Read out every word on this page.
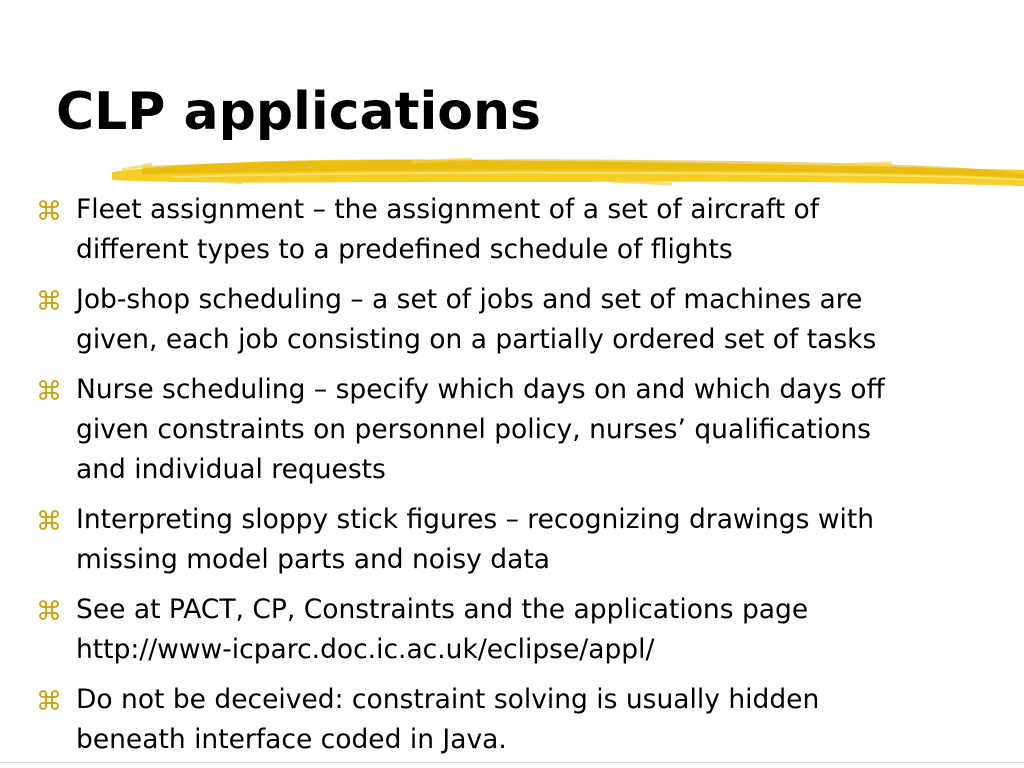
CLP applications
Fleet assignment – the assignment of a set of aircraft of
different types to a predefined schedule of flights
Job-shop scheduling – a set of jobs and set of machines are
given, each job consisting on a partially ordered set of tasks
Nurse scheduling – specify which days on and which days off
given constraints on personnel policy, nurses’ qualifications
and individual requests
Interpreting sloppy stick figures – recognizing drawings with
missing model parts and noisy data
See at PACT, CP, Constraints and the applications page
http://www-icparc.doc.ic.ac.uk/eclipse/appl/
Do not be deceived: constraint solving is usually hidden
beneath interface coded in Java.
